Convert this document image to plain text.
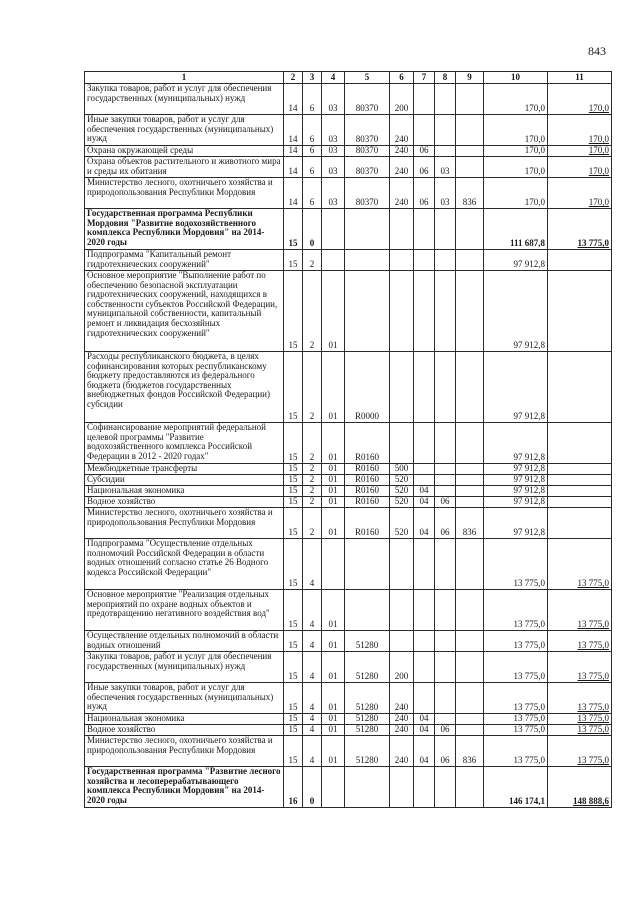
843
1	2	3	4	5	6	7	8	9	10	11
Закупка товаров, работ и услуг для обеспечения государственных (муниципальных) нужд	14	6	03	80370	200				170,0	170,0
Иные закупки товаров, работ и услуг для обеспечения государственных (муниципальных) нужд	14	6	03	80370	240				170,0	170,0
Охрана окружающей среды	14	6	03	80370	240	06			170,0	170,0
Охрана объектов растительного и животного мира и среды их обитания	14	6	03	80370	240	06	03		170,0	170,0
Министерство лесного, охотничьего хозяйства и природопользования Республики Мордовия	14	6	03	80370	240	06	03	836	170,0	170,0
Государственная программа Республики Мордовия "Развитие водохозяйственного комплекса Республики Мордовия" на 2014-2020 годы	15	0							111 687,8	13 775,0
Подпрограмма "Капитальный ремонт гидротехнических сооружений"	15	2							97 912,8	
Основное мероприятие "Выполнение работ по обеспечению безопасной эксплуатации гидротехнических сооружений, находящихся в собственности субъектов Российской Федерации, муниципальной собственности, капитальный ремонт и ликвидация бесхозяйных гидротехнических сооружений"	15	2	01						97 912,8	
Расходы республиканского бюджета, в целях софинансирования которых республиканскому бюджету предоставляются из федерального бюджета (бюджетов государственных внебюджетных фондов Российской Федерации) субсидии	15	2	01	R0000					97 912,8	
Софинансирование мероприятий федеральной целевой программы "Развитие водохозяйственного комплекса Российской Федерации в 2012 - 2020 годах"	15	2	01	R0160					97 912,8	
Межбюджетные трансферты	15	2	01	R0160	500				97 912,8	
Субсидии	15	2	01	R0160	520				97 912,8	
Национальная экономика	15	2	01	R0160	520	04			97 912,8	
Водное хозяйство	15	2	01	R0160	520	04	06		97 912,8	
Министерство лесного, охотничьего хозяйства и природопользования Республики Мордовия	15	2	01	R0160	520	04	06	836	97 912,8	
Подпрограмма "Осуществление отдельных полномочий Российской Федерации в области водных отношений согласно статье 26 Водного кодекса Российской Федерации"	15	4							13 775,0	13 775,0
Основное мероприятие "Реализация отдельных мероприятий по охране водных объектов и предотвращению негативного воздействия вод"	15	4	01						13 775,0	13 775,0
Осуществление отдельных полномочий в области водных отношений	15	4	01	51280					13 775,0	13 775,0
Закупка товаров, работ и услуг для обеспечения государственных (муниципальных) нужд	15	4	01	51280	200				13 775,0	13 775,0
Иные закупки товаров, работ и услуг для обеспечения государственных (муниципальных) нужд	15	4	01	51280	240				13 775,0	13 775,0
Национальная экономика	15	4	01	51280	240	04			13 775,0	13 775,0
Водное хозяйство	15	4	01	51280	240	04	06		13 775,0	13 775,0
Министерство лесного, охотничьего хозяйства и природопользования Республики Мордовия	15	4	01	51280	240	04	06	836	13 775,0	13 775,0
Государственная программа "Развитие лесного хозяйства и лесоперерабатывающего комплекса Республики Мордовия" на 2014-2020 годы	16	0							146 174,1	148 888,6
